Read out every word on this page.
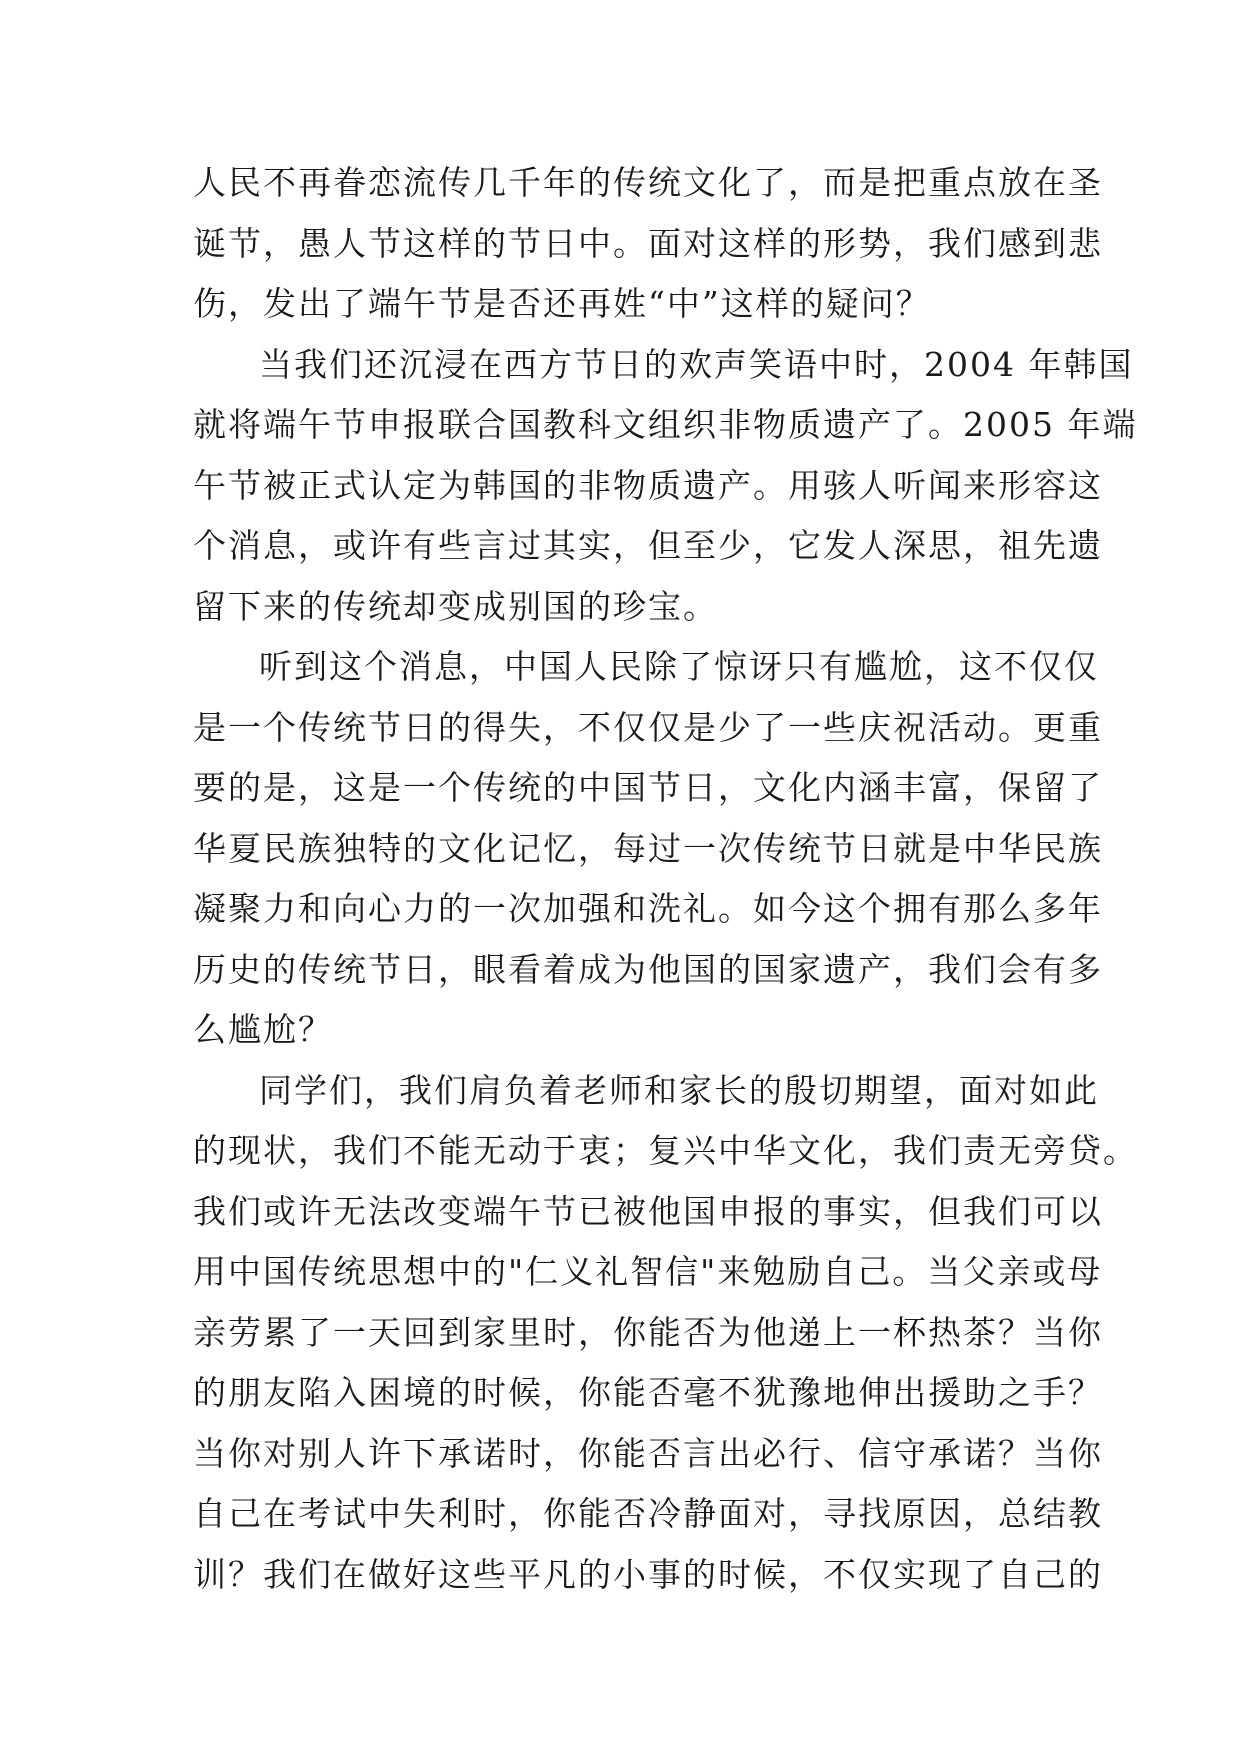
人民不再眷恋流传几千年的传统文化了，而是把重点放在圣
诞节，愚人节这样的节日中。面对这样的形势，我们感到悲
伤，发出了端午节是否还再姓“中”这样的疑问？
当我们还沉浸在西方节日的欢声笑语中时，2004 年韩国
就将端午节申报联合国教科文组织非物质遗产了。2005 年端
午节被正式认定为韩国的非物质遗产。用骇人听闻来形容这
个消息，或许有些言过其实，但至少，它发人深思，祖先遗
留下来的传统却变成别国的珍宝。
听到这个消息，中国人民除了惊讶只有尴尬，这不仅仅
是一个传统节日的得失，不仅仅是少了一些庆祝活动。更重
要的是，这是一个传统的中国节日，文化内涵丰富，保留了
华夏民族独特的文化记忆，每过一次传统节日就是中华民族
凝聚力和向心力的一次加强和洗礼。如今这个拥有那么多年
历史的传统节日，眼看着成为他国的国家遗产，我们会有多
么尴尬？
同学们，我们肩负着老师和家长的殷切期望，面对如此
的现状，我们不能无动于衷；复兴中华文化，我们责无旁贷。
我们或许无法改变端午节已被他国申报的事实，但我们可以
用中国传统思想中的"仁义礼智信"来勉励自己。当父亲或母
亲劳累了一天回到家里时，你能否为他递上一杯热茶？当你
的朋友陷入困境的时候，你能否毫不犹豫地伸出援助之手？
当你对别人许下承诺时，你能否言出必行、信守承诺？当你
自己在考试中失利时，你能否冷静面对，寻找原因，总结教
训？我们在做好这些平凡的小事的时候，不仅实现了自己的
